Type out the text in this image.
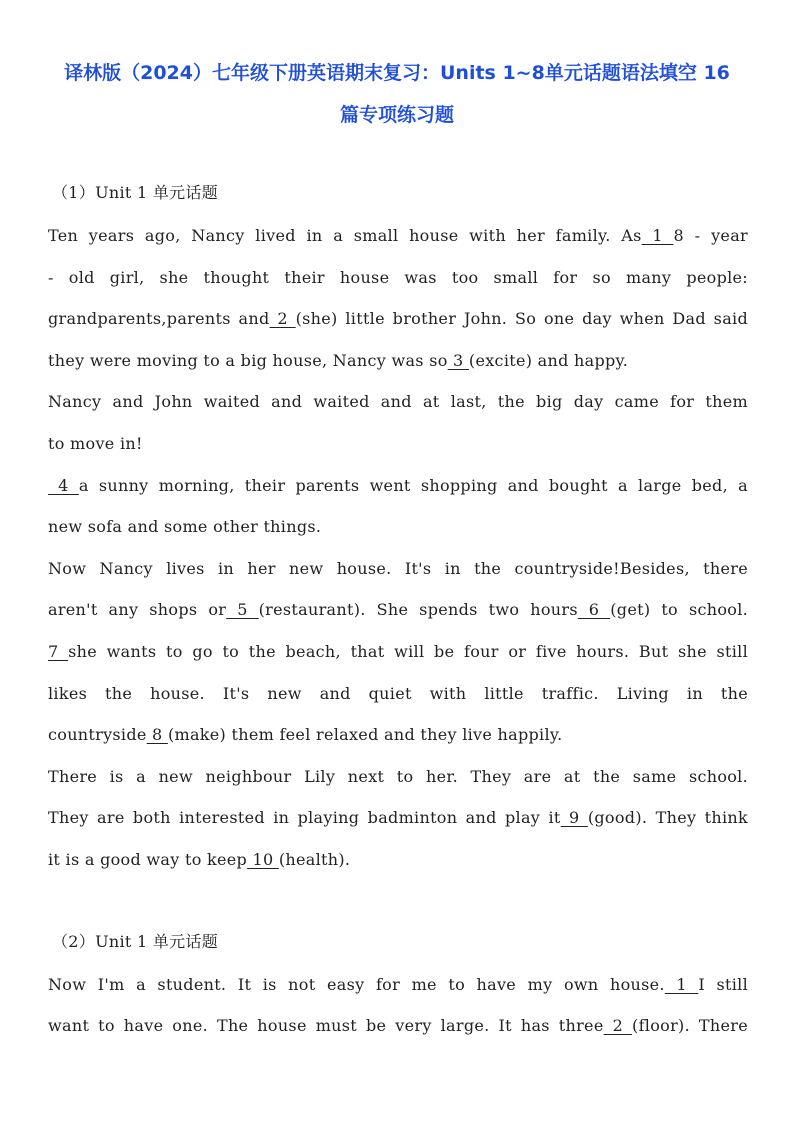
译林版（2024）七年级下册英语期末复习：Units 1~8单元话题语法填空 16
篇专项练习题
（1）Unit 1 单元话题
Ten years ago, Nancy lived in a small house with her family. As 1 8 - year
- old girl, she thought their house was too small for so many people:
grandparents,parents and 2 (she) little brother John. So one day when Dad said
they were moving to a big house, Nancy was so 3 (excite) and happy.
Nancy and John waited and waited and at last, the big day came for them
to move in!
4 a sunny morning, their parents went shopping and bought a large bed, a
new sofa and some other things.
Now Nancy lives in her new house. It's in the countryside!Besides, there
aren't any shops or 5 (restaurant). She spends two hours 6 (get) to school.
7 she wants to go to the beach, that will be four or five hours. But she still
likes the house. It's new and quiet with little traffic. Living in the
countryside 8 (make) them feel relaxed and they live happily.
There is a new neighbour Lily next to her. They are at the same school.
They are both interested in playing badminton and play it 9 (good). They think
it is a good way to keep 10 (health).
（2）Unit 1 单元话题
Now I'm a student. It is not easy for me to have my own house. 1 I still
want to have one. The house must be very large. It has three 2 (floor). There
